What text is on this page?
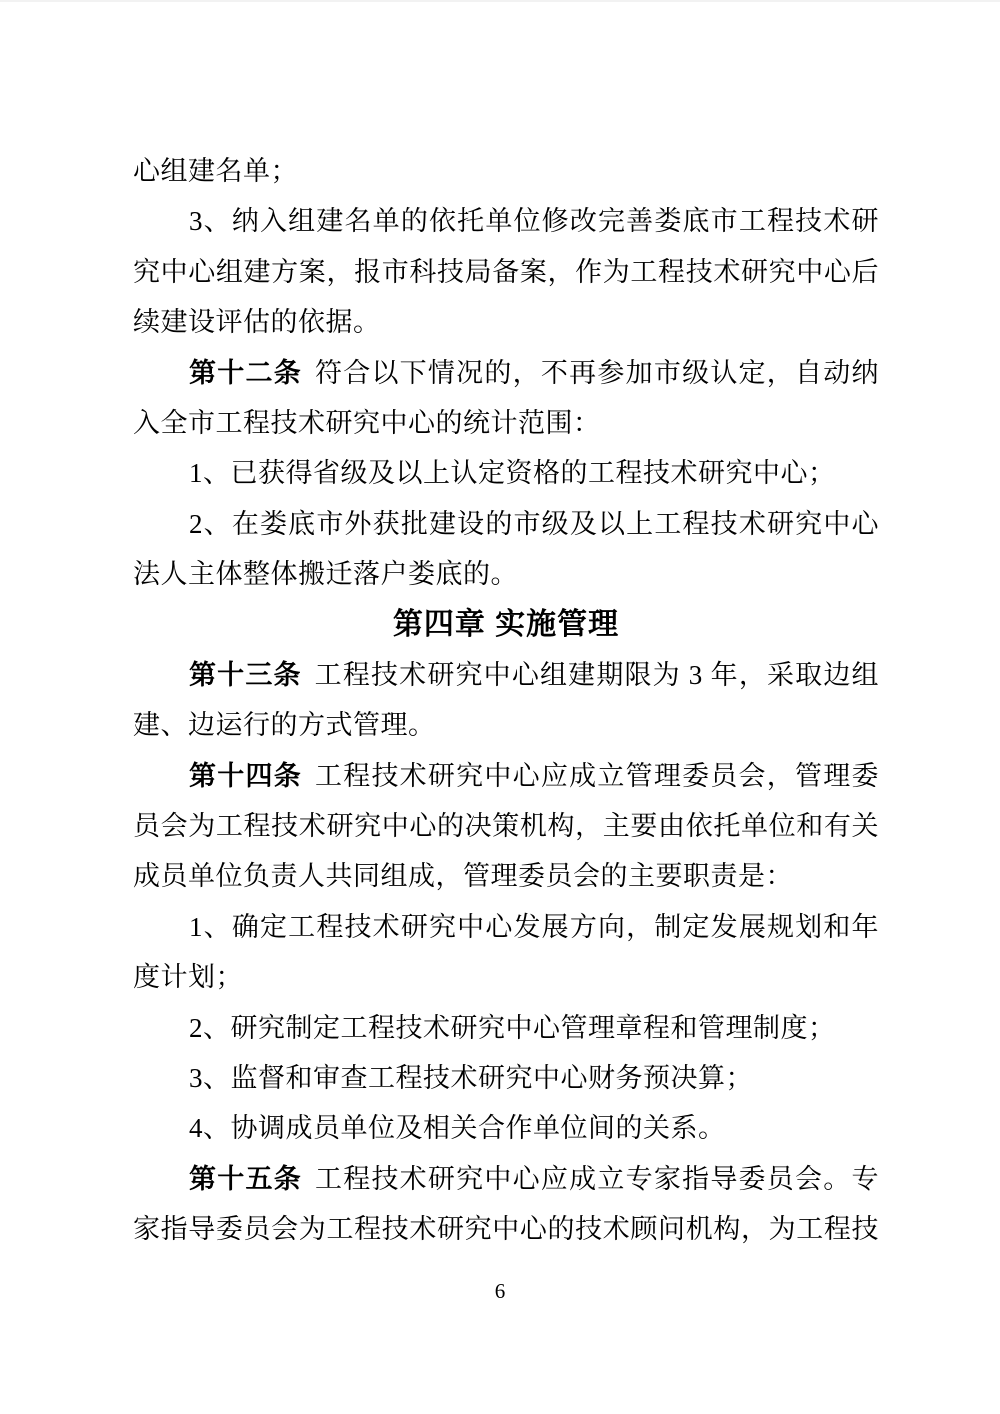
心组建名单；
3、纳入组建名单的依托单位修改完善娄底市工程技术研
究中心组建方案，报市科技局备案，作为工程技术研究中心后
续建设评估的依据。
第十二条 符合以下情况的，不再参加市级认定，自动纳
入全市工程技术研究中心的统计范围：
1、已获得省级及以上认定资格的工程技术研究中心；
2、在娄底市外获批建设的市级及以上工程技术研究中心
法人主体整体搬迁落户娄底的。
第四章 实施管理
第十三条 工程技术研究中心组建期限为 3 年，采取边组
建、边运行的方式管理。
第十四条 工程技术研究中心应成立管理委员会，管理委
员会为工程技术研究中心的决策机构，主要由依托单位和有关
成员单位负责人共同组成，管理委员会的主要职责是：
1、确定工程技术研究中心发展方向，制定发展规划和年
度计划；
2、研究制定工程技术研究中心管理章程和管理制度；
3、监督和审查工程技术研究中心财务预决算；
4、协调成员单位及相关合作单位间的关系。
第十五条 工程技术研究中心应成立专家指导委员会。专
家指导委员会为工程技术研究中心的技术顾问机构，为工程技
6
